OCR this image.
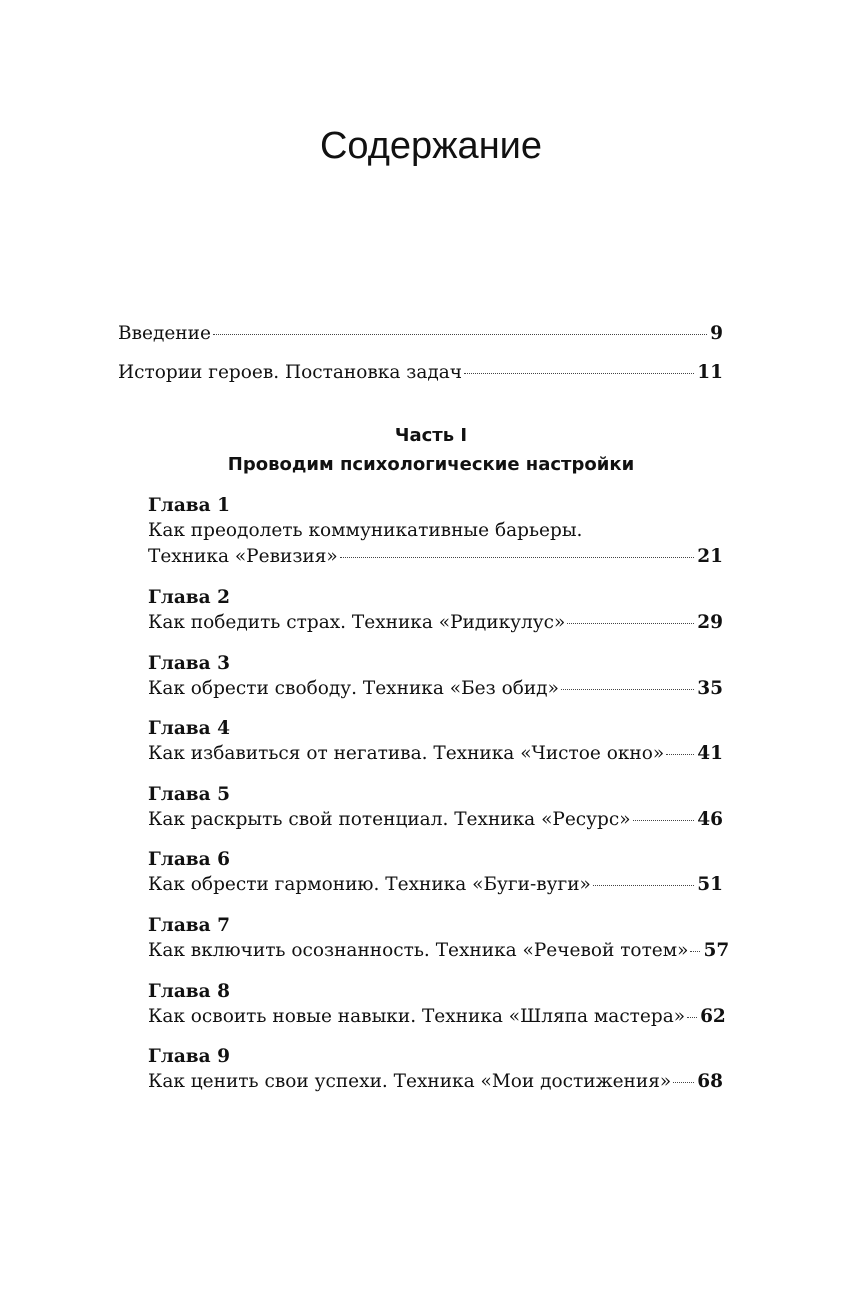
Содержание
Введение	9
Истории героев. Постановка задач	11
Часть I
Проводим психологические настройки
Глава 1
Как преодолеть коммуникативные барьеры.
Техника «Ревизия»	21
Глава 2
Как победить страх. Техника «Ридикулус»	29
Глава 3
Как обрести свободу. Техника «Без обид»	35
Глава 4
Как избавиться от негатива. Техника «Чистое окно» 41
Глава 5
Как раскрыть свой потенциал. Техника «Ресурс»	46
Глава 6
Как обрести гармонию. Техника «Буги-вуги»	51
Глава 7
Как включить осознанность. Техника «Речевой тотем» 57
Глава 8
Как освоить новые навыки. Техника «Шляпа мастера» 62
Глава 9
Как ценить свои успехи. Техника «Мои достижения» 68
